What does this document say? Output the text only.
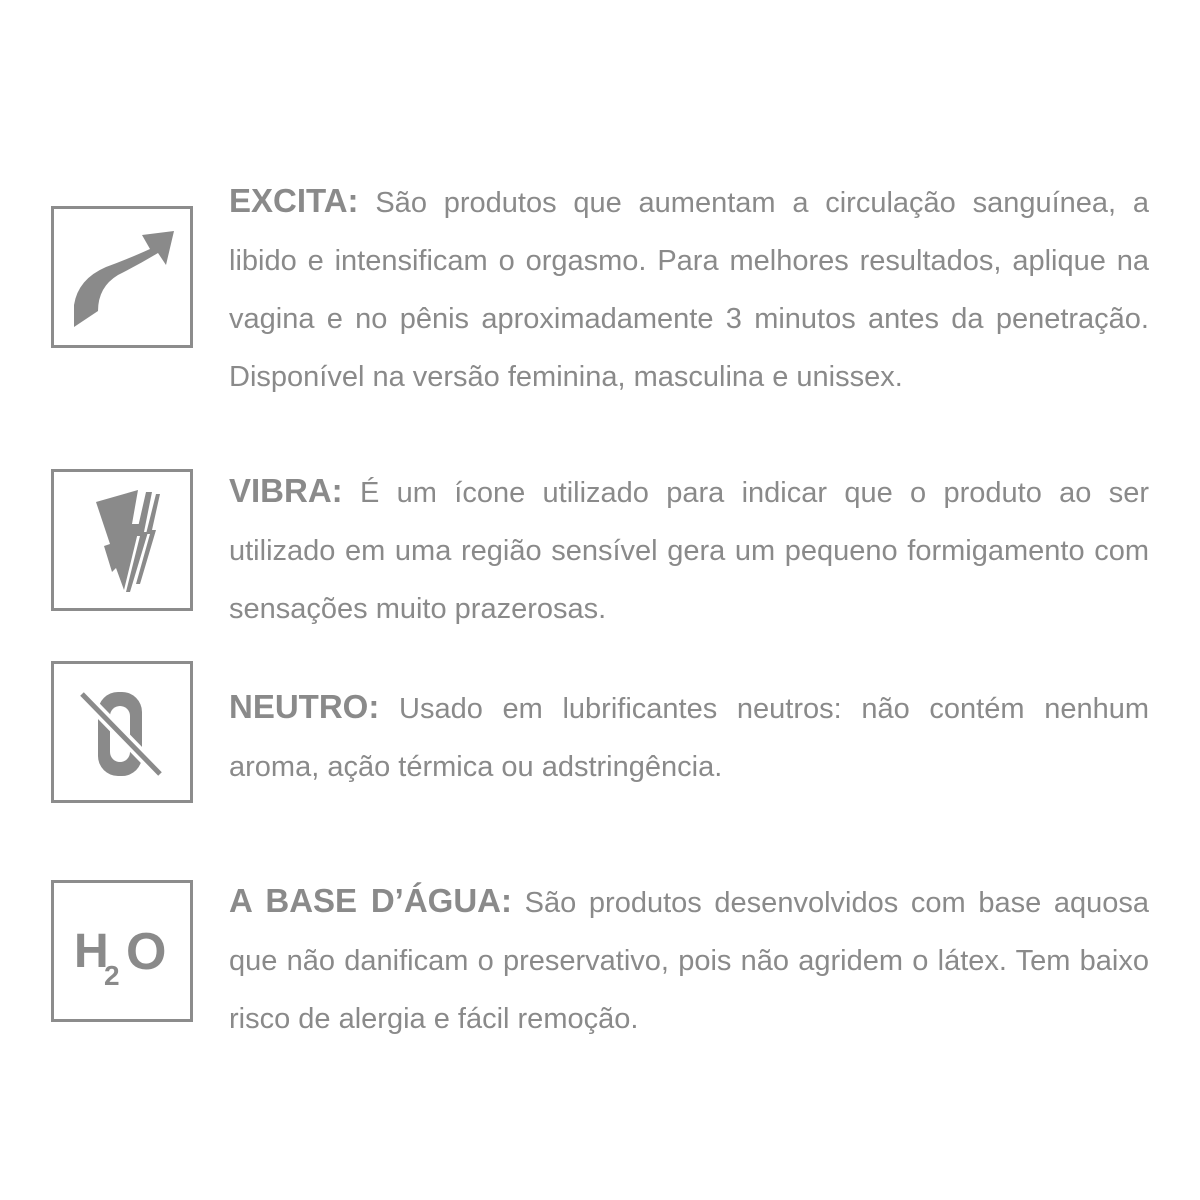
EXCITA: São produtos que aumentam a circulação sanguínea, a libido e intensificam o orgasmo. Para melhores resultados, aplique na vagina e no pênis aproximadamente 3 minutos antes da penetração. Disponível na versão feminina, masculina e unissex.

VIBRA: É um ícone utilizado para indicar que o produto ao ser utilizado em uma região sensível gera um pequeno formigamento com sensações muito prazerosas.

NEUTRO: Usado em lubrificantes neutros: não contém nenhum aroma, ação térmica ou adstringência.

H
2 O

A BASE D’ÁGUA: São produtos desenvolvidos com base aquosa que não danificam o preservativo, pois não agridem o látex. Tem baixo risco de alergia e fácil remoção.
